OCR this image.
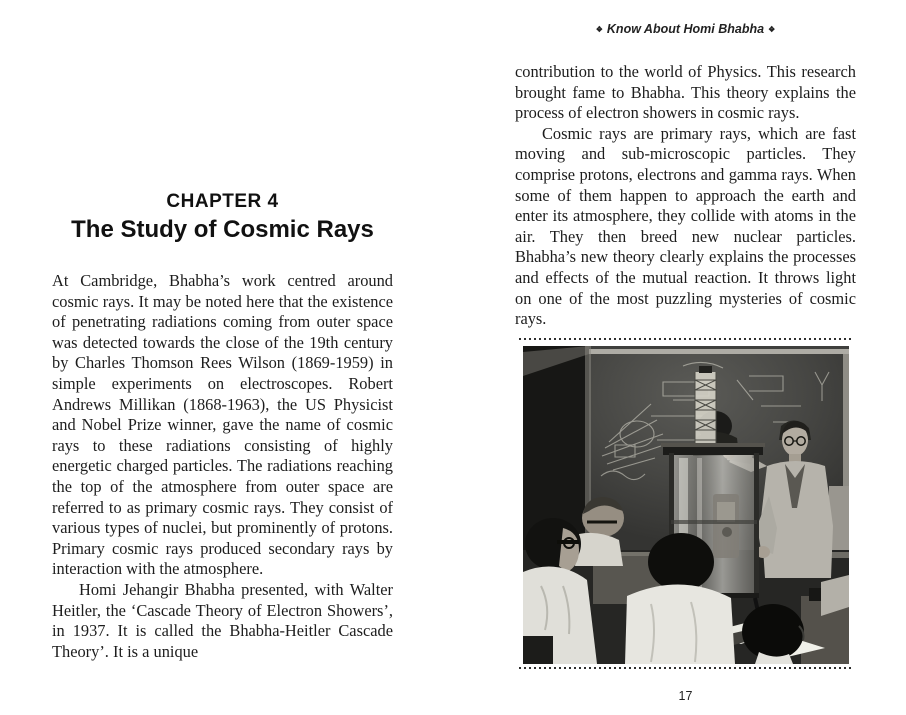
CHAPTER 4

The Study of Cosmic Rays

At Cambridge, Bhabha’s work centred around cosmic rays. It may be noted here that the existence of penetrating radiations coming from outer space was detected towards the close of the 19th century by Charles Thomson Rees Wilson (1869-1959) in simple experiments on electroscopes. Robert Andrews Millikan (1868-1963), the US Physicist and Nobel Prize winner, gave the name of cosmic rays to these radiations consisting of highly energetic charged particles. The radiations reaching the top of the atmosphere from outer space are referred to as primary cosmic rays. They consist of various types of nuclei, but prominently of protons. Primary cosmic rays produced secondary rays by interaction with the atmosphere.

Homi Jehangir Bhabha presented, with Walter Heitler, the ‘Cascade Theory of Electron Showers’, in 1937. It is called the Bhabha-Heitler Cascade Theory’. It is a unique

❖ Know About Homi Bhabha ❖

contribution to the world of Physics. This research brought fame to Bhabha. This theory explains the process of electron showers in cosmic rays.

Cosmic rays are primary rays, which are fast moving and sub-microscopic particles. They comprise protons, electrons and gamma rays. When some of them happen to approach the earth and enter its atmosphere, they collide with atoms in the air. They then breed new nuclear particles. Bhabha’s new theory clearly explains the processes and effects of the mutual reaction. It throws light on one of the most puzzling mysteries of cosmic rays.

17
